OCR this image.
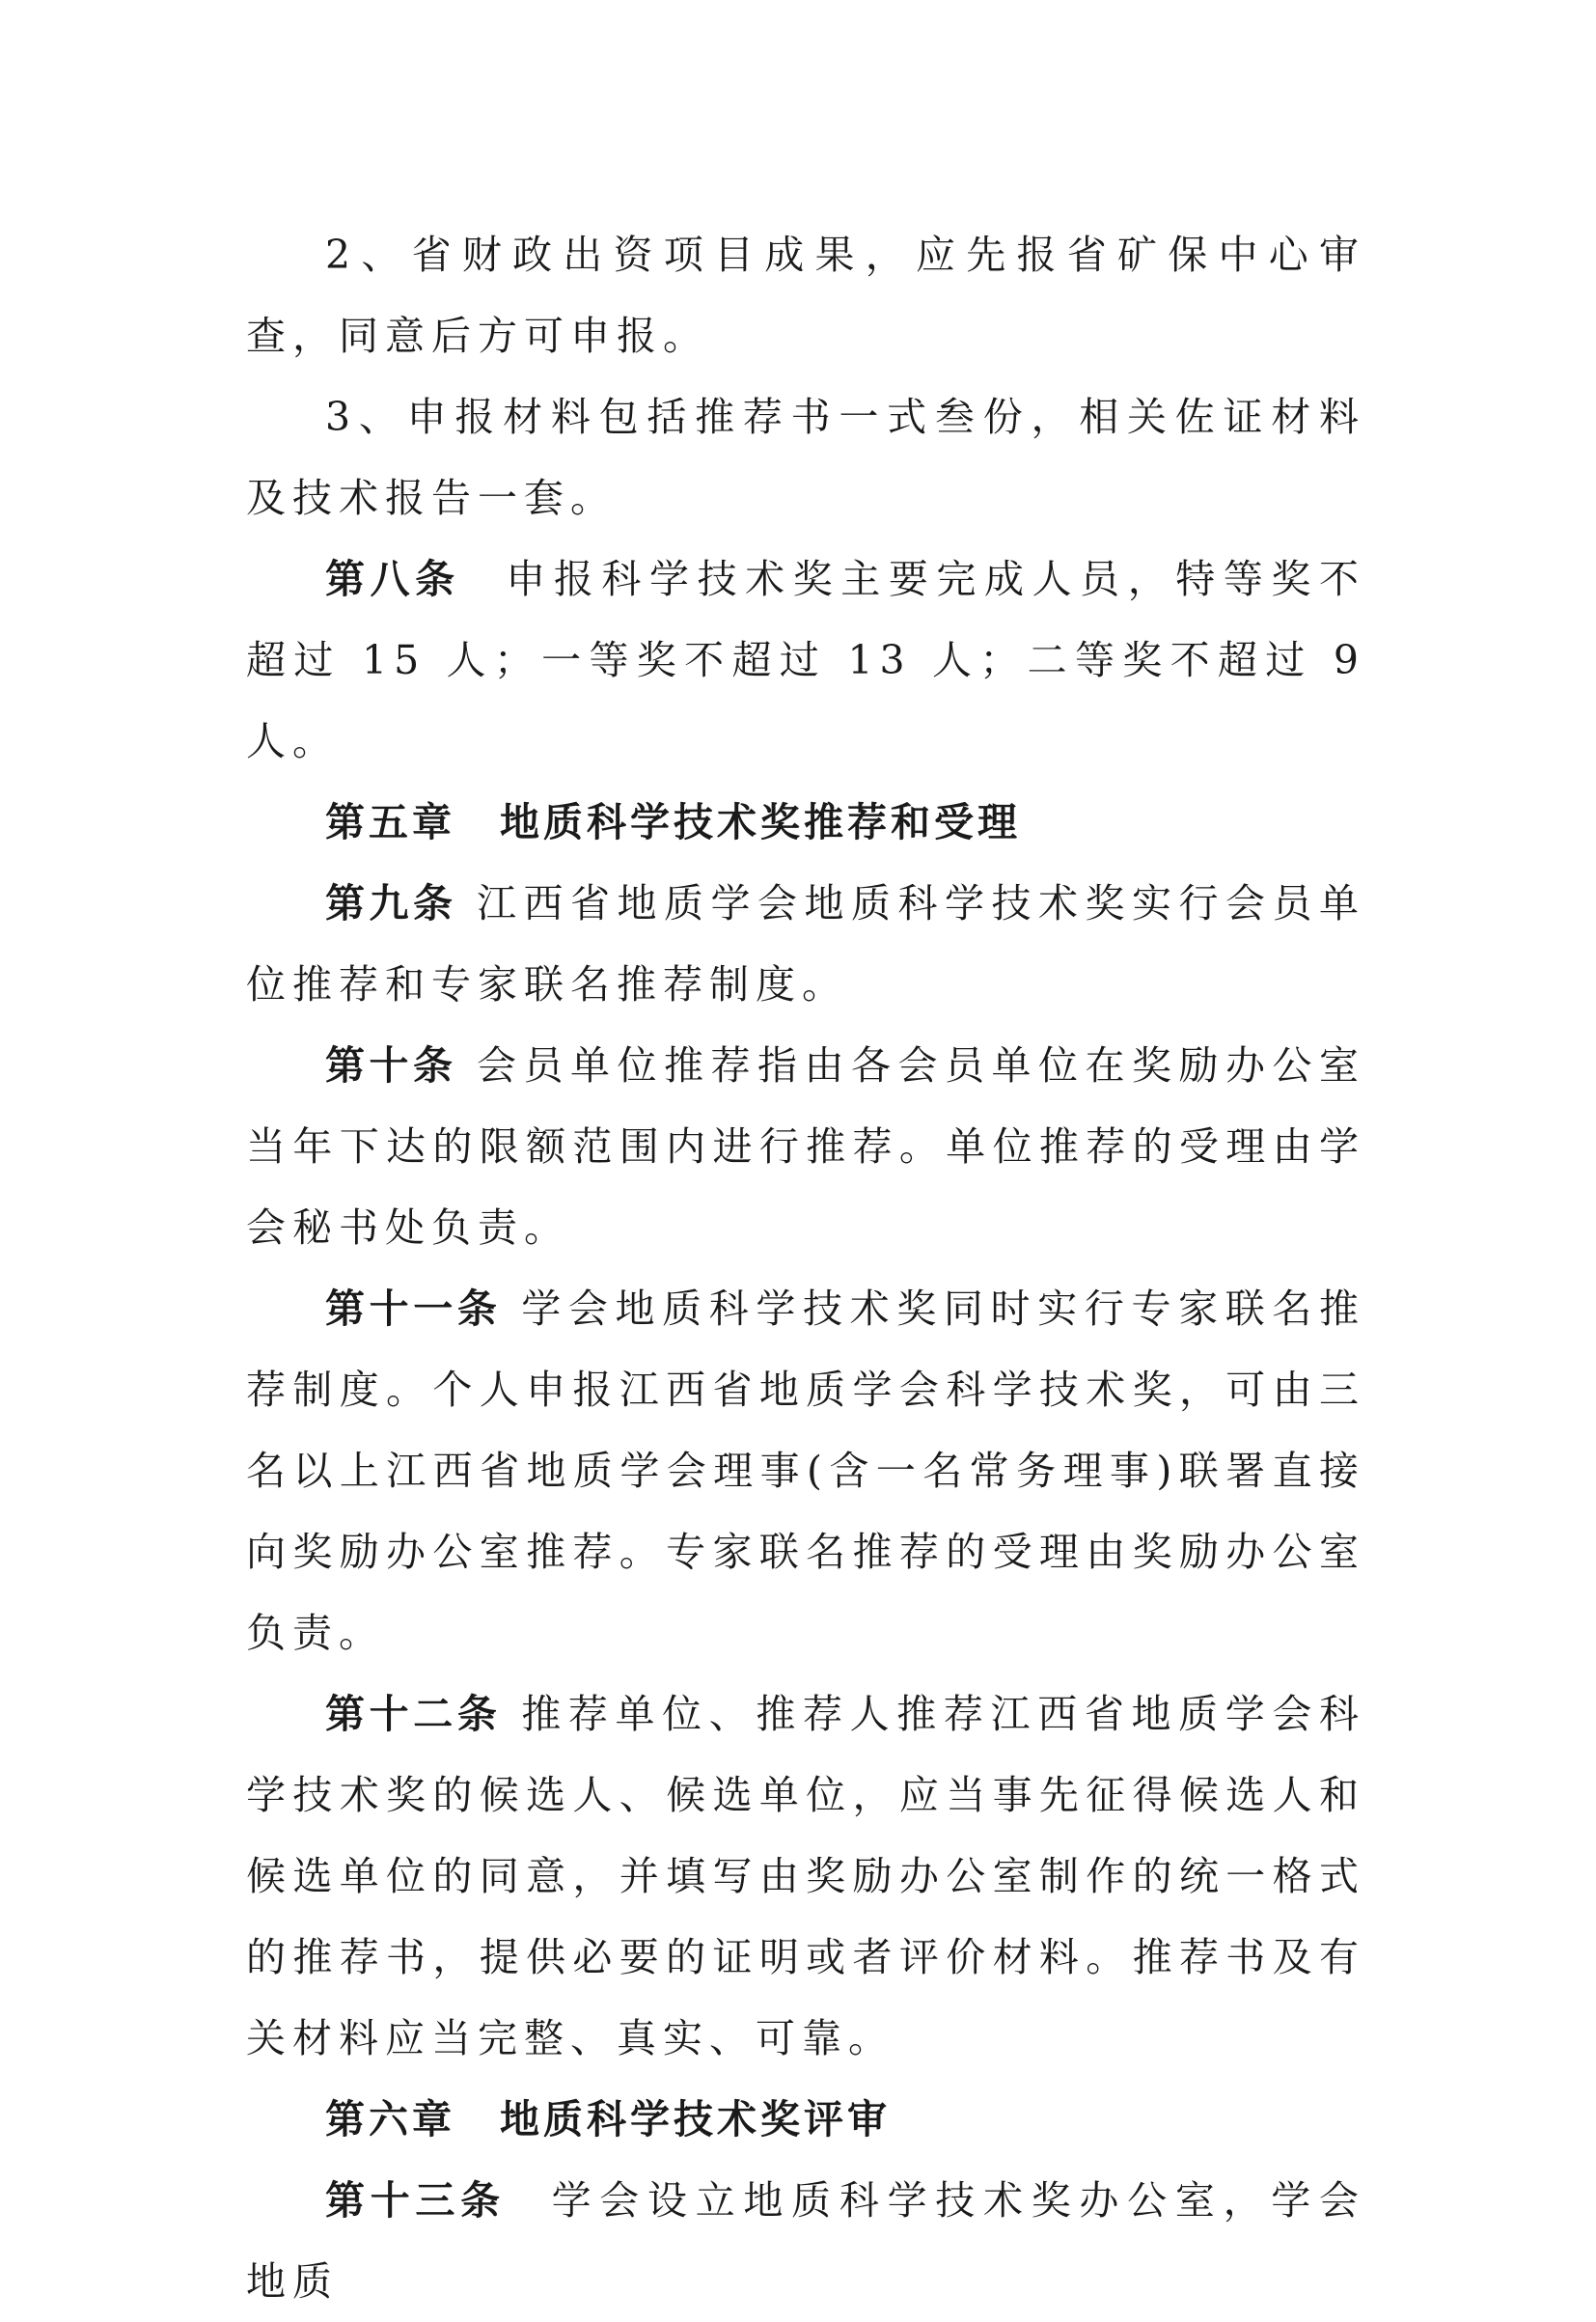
2、省财政出资项目成果，应先报省矿保中心审查，同意后方可申报。

3、申报材料包括推荐书一式叁份，相关佐证材料及技术报告一套。

第八条 申报科学技术奖主要完成人员，特等奖不超过 15 人；一等奖不超过 13 人；二等奖不超过 9 人。

第五章 地质科学技术奖推荐和受理

第九条 江西省地质学会地质科学技术奖实行会员单位推荐和专家联名推荐制度。

第十条 会员单位推荐指由各会员单位在奖励办公室当年下达的限额范围内进行推荐。单位推荐的受理由学会秘书处负责。

第十一条 学会地质科学技术奖同时实行专家联名推荐制度。个人申报江西省地质学会科学技术奖，可由三名以上江西省地质学会理事(含一名常务理事)联署直接向奖励办公室推荐。专家联名推荐的受理由奖励办公室负责。

第十二条 推荐单位、推荐人推荐江西省地质学会科学技术奖的候选人、候选单位，应当事先征得候选人和候选单位的同意，并填写由奖励办公室制作的统一格式的推荐书，提供必要的证明或者评价材料。推荐书及有关材料应当完整、真实、可靠。

第六章 地质科学技术奖评审

第十三条 学会设立地质科学技术奖办公室，学会地质
